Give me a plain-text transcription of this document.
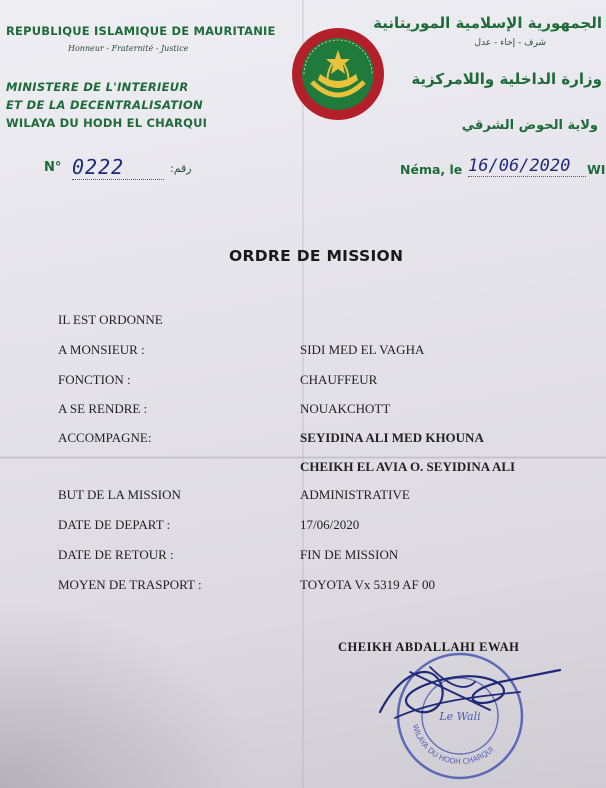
REPUBLIQUE ISLAMIQUE DE MAURITANIE
Honneur - Fraternité - Justice
MINISTERE DE L'INTERIEUR
ET DE LA DECENTRALISATION
WILAYA DU HODH EL CHARQUI
الجمهورية الإسلامية الموريتانية
شرف - إخاء - عدل
وزارة الداخلية واللامركزية
ولاية الحوض الشرقي
N° 0222	رقم:	Néma, le 16/06/2020	WI
ORDRE DE MISSION
IL EST ORDONNE
A MONSIEUR :	SIDI MED EL VAGHA
FONCTION :	CHAUFFEUR
A SE RENDRE :	NOUAKCHOTT
ACCOMPAGNE:	SEYIDINA ALI MED KHOUNA
CHEIKH EL AVIA O. SEYIDINA ALI
BUT DE LA MISSION	ADMINISTRATIVE
DATE DE DEPART :	17/06/2020
DATE DE RETOUR :	FIN DE MISSION
MOYEN DE TRASPORT :	TOYOTA Vx 5319 AF 00
CHEIKH ABDALLAHI EWAH
WILAYA DU HODH CHARQUI
Le Wali
